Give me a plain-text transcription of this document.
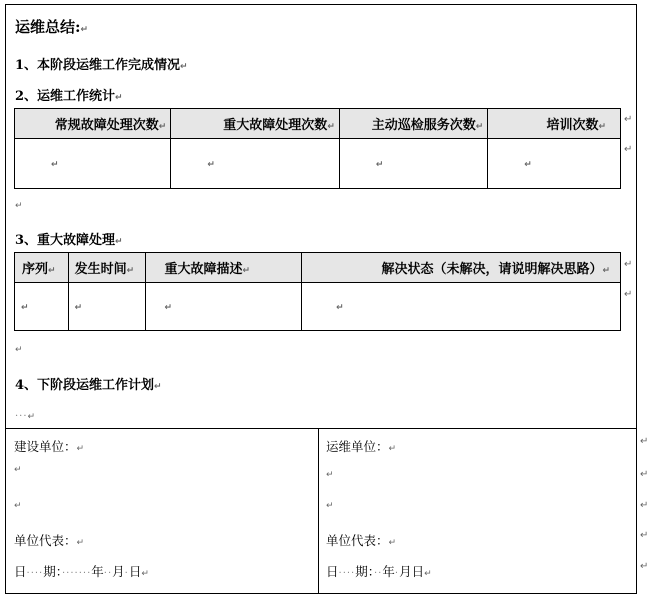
运维总结:↵
1、本阶段运维工作完成情况↵
2、运维工作统计↵
常规故障处理次数↵	重大故障处理次数↵	主动巡检服务次数↵	培训次数↵
↵	↵	↵	↵
↵
↵
↵
3、重大故障处理↵
序列↵	发生时间↵	重大故障描述↵	解决状态（未解决，请说明解决思路）↵
↵	↵	↵	↵
↵
↵
↵
4、下阶段运维工作计划↵
···↵
建设单位：↵
↵
↵
单位代表：↵
日····期：·······年··月·日↵
运维单位：↵
↵
↵
单位代表：↵
日····期：··年·月日↵
↵
↵
↵
↵
↵
